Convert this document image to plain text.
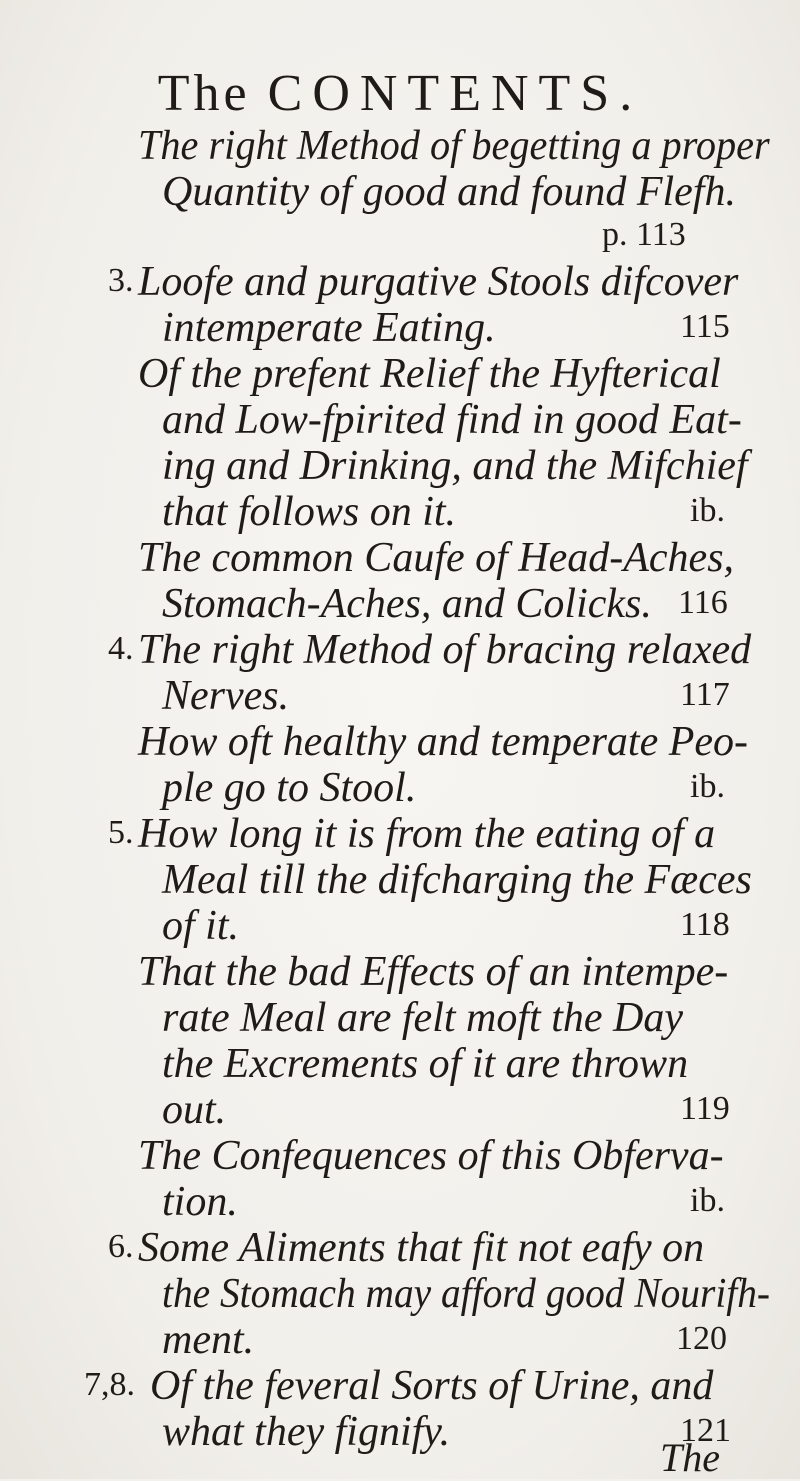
The CONTENTS.
The right Method of begetting a proper
Quantity of good and found Flefh.
p. 113
3. Loofe and purgative Stools difcover
intemperate Eating.	115
Of the prefent Relief the Hyfterical
and Low-fpirited find in good Eat-
ing and Drinking, and the Mifchief
that follows on it.	ib.
The common Caufe of Head-Aches,
Stomach-Aches, and Colicks. 116
4. The right Method of bracing relaxed
Nerves.	117
How oft healthy and temperate Peo-
ple go to Stool.	ib.
5. How long it is from the eating of a
Meal till the difcharging the Fæces
of it.	118
That the bad Effects of an intempe-
rate Meal are felt moft the Day
the Excrements of it are thrown
out.	119
The Confequences of this Obferva-
tion.	ib.
6. Some Aliments that fit not eafy on
the Stomach may afford good Nourifh-
ment.	120
7,8. Of the feveral Sorts of Urine, and
what they fignify.	121
The
